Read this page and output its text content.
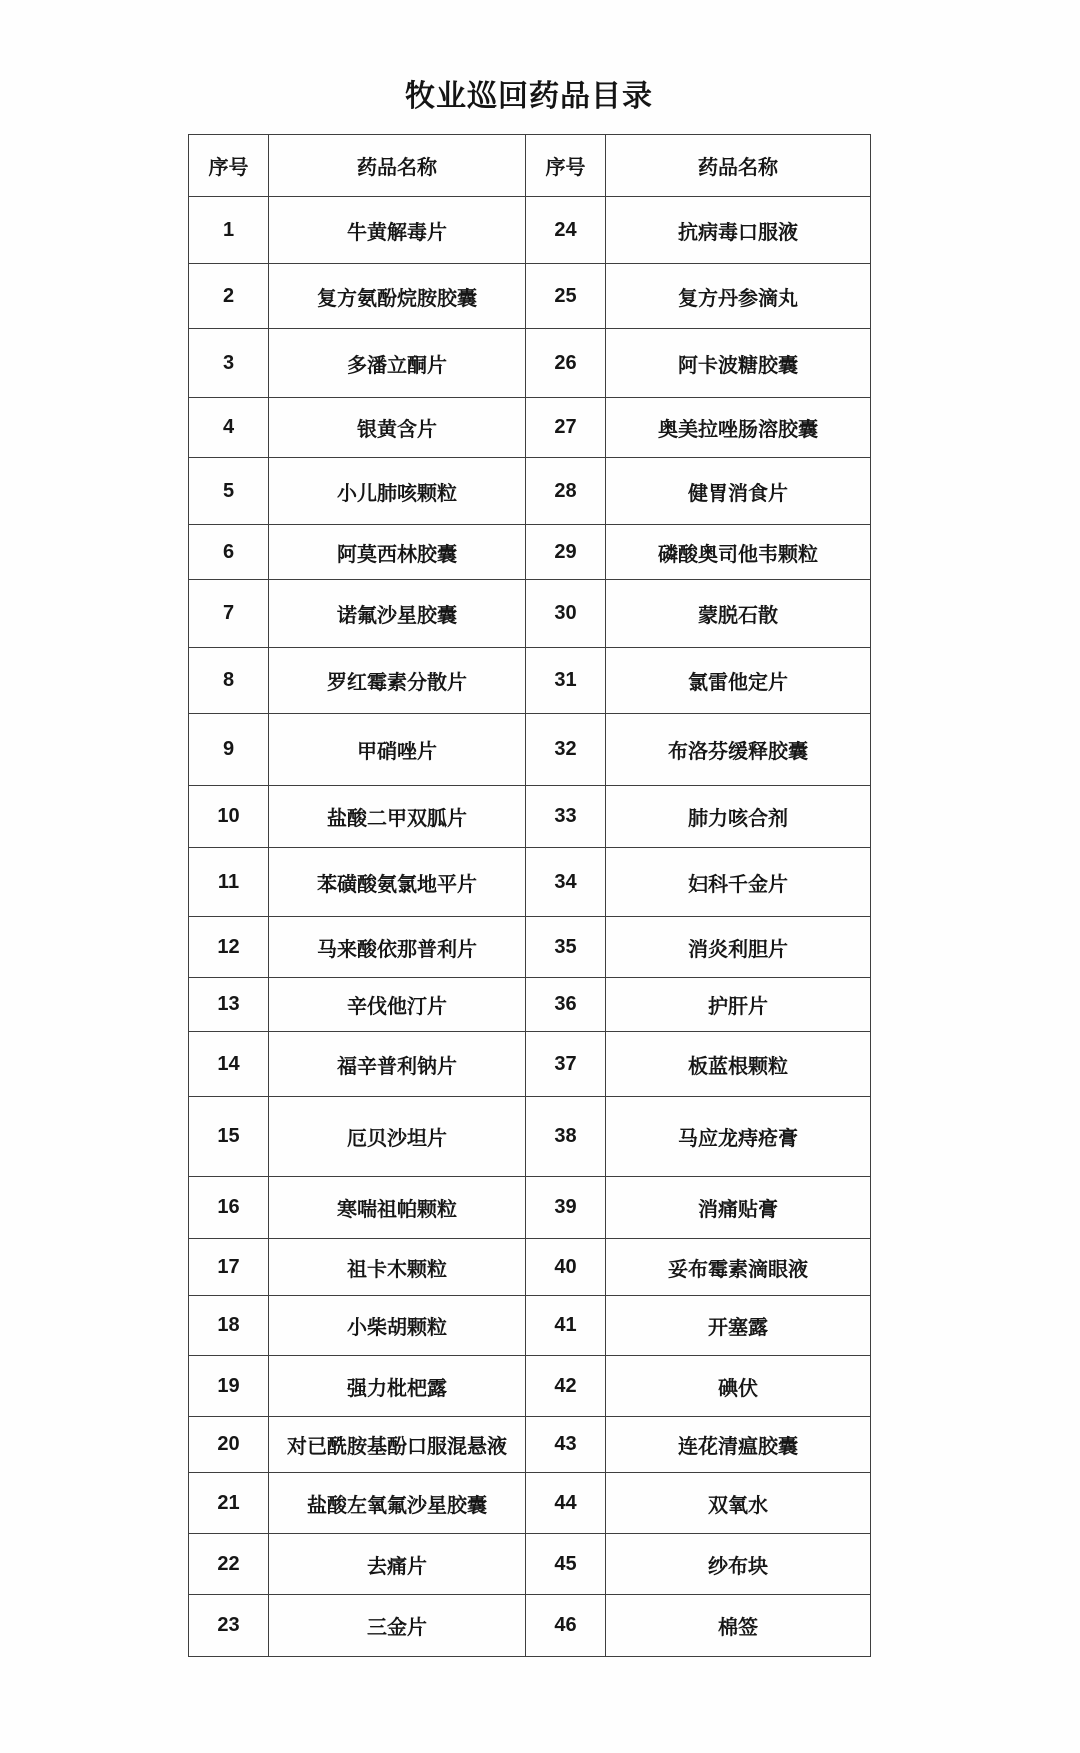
牧业巡回药品目录
序号	药品名称	序号	药品名称
1	牛黄解毒片	24	抗病毒口服液
2	复方氨酚烷胺胶囊	25	复方丹参滴丸
3	多潘立酮片	26	阿卡波糖胶囊
4	银黄含片	27	奥美拉唑肠溶胶囊
5	小儿肺咳颗粒	28	健胃消食片
6	阿莫西林胶囊	29	磷酸奥司他韦颗粒
7	诺氟沙星胶囊	30	蒙脱石散
8	罗红霉素分散片	31	氯雷他定片
9	甲硝唑片	32	布洛芬缓释胶囊
10	盐酸二甲双胍片	33	肺力咳合剂
11	苯磺酸氨氯地平片	34	妇科千金片
12	马来酸依那普利片	35	消炎利胆片
13	辛伐他汀片	36	护肝片
14	福辛普利钠片	37	板蓝根颗粒
15	厄贝沙坦片	38	马应龙痔疮膏
16	寒喘祖帕颗粒	39	消痛贴膏
17	祖卡木颗粒	40	妥布霉素滴眼液
18	小柴胡颗粒	41	开塞露
19	强力枇杷露	42	碘伏
20	对已酰胺基酚口服混悬液	43	连花清瘟胶囊
21	盐酸左氧氟沙星胶囊	44	双氧水
22	去痛片	45	纱布块
23	三金片	46	棉签
